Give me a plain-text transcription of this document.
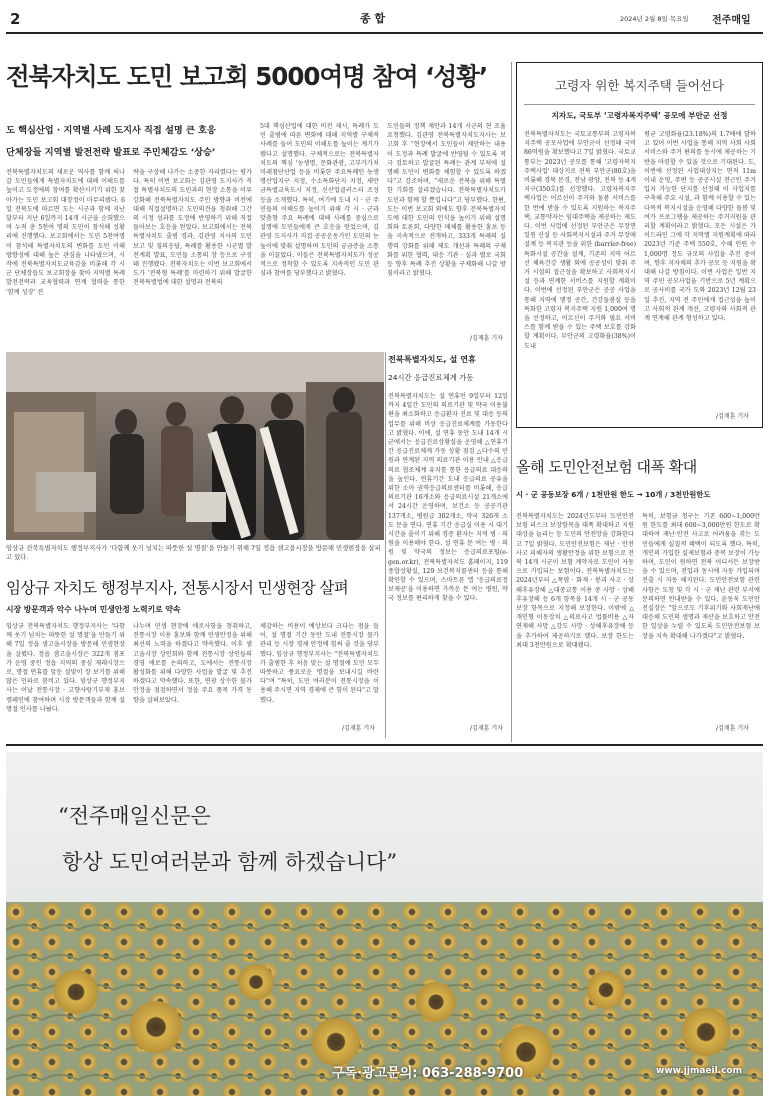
2	종 합	2024년 2월 8일 목요일 전주매일
전북자치도 도민 보고회 5000여명 참여 ‘성황’
도 핵심산업 · 지역별 사례 도지사 직접 설명 큰 호응
단체장들 지역별 발전전략 발표로 주민체감도 ‘상승’
전북특별자치도의 새로운 역사를 함께 써나갈 도민들에게 특별자치도에 대해 이해도를 높이고 도정에의 참여를 확산시키기 위한 찾아가는 도민 보고회 대장정이 마무리됐다. 6일 전북도에 따르면 도는 시군과 함께 지난달부터 지난 6일까지 14개 시군을 순회했으며 누적 총 5천여 명의 도민이 참석해 성황리에 진행했다. 보고회에서는 도민 5천여명이 참석해 특별자치도의 변화를 도민 이해 방향성에 대해 높은 관심을 나타냈으며, 시작에 전북특별자치도교육감을 비롯해 각 시군 단체장들도 보고회장을 찾아 지역별 특례 발전전략과 교육협력과 연계 협력을 통한 '함께 성장' 전
략을 구상해 나가는 소중한 자리였다는 평가다. 특히 이번 보고회는 김관영 도지사가 직접 특별자치도의 도민과의 현장 소통을 이루 강화해 전북특별자치도 주민 방향과 비전에 대해 직접설명하고 도민의견을 청취해 그간의 시정 성과를 도정에 반영하기 위해 직접 돌아보는 호응을 얻었다. 보고회에서는 전북특별자치도 출범 경과, 김관영 지사의 도민 보고 및 질의응답, 특례를 활용한 시군별 발전계획 발표, 도민들 소통의 장 등으로 구성돼 진행됐다. 전북자치도는 이번 보고회에서 도가 '전북형 특례'를 마련하기 위해 발굴한 전북특별법에 대한 설명과 전북의
5대 핵심산업에 대한 비전 제시, 특례가 도민 출범에 따른 변화에 대해 지역별 구체적 사례를 들어 도민의 이해도를 높이는 계기가 됐다고 설명했다. 구체적으로는 전북특별자치도의 핵심 '농생명, 문화관광, 고부가가치 미래첨단산업 등을 비롯한 주요특례인 농생명산업지구 지정, 수소특화단지 지정, 새만금특별교육도시 지정, 신산업클러스터 조성 등을 소개했다. 특히, 여기에 도내 시 · 군 주민들의 이해도를 높이기 위해 각 시 · 군과 맞춤형 주요 특례에 대해 사례를 중심으로 설명에 도민들에게 큰 호응을 얻었으며, 김관영 도지사가 직접 공공운동가인 도민의 눈높이에 맞춰 설명하며 도민의 궁금증을 소통을 이끌었다. 이들은 전북특별자치도가 성공적으로 정착할 수 있도록 지속적인 도민 관심과 참여를 당부했다고 밝혔다.
도민들의 정책 제안과 14개 시군의 현 조율 요청했다. 김관영 전북특별자치도지사는 보고회 후 “현장에서 도민들이 제안하는 내용이 도정과 특례 발굴에 반영될 수 있도록 적극 검토하고 발굴된 특례는 관계 부처에 설명해 도민이 변화를 체험할 수 있도록 하겠다”고 강조하며, “새로운 전북을 위해 특별한 기회를 살리겠습니다. 전북특별자치도가 도민과 함께 할 뿐입니다”고 당부했다. 한편, 도는 이번 보고회 외에도 향후 전북특별자치도에 대한 도민의 인식을 높이기 위해 설명회와 토론회, 다양한 매체를 활용한 홍보 등을 지속적으로 전개하고, 333개 특례의 실행력 강화를 위해 제도 개선과 특례의 구체화를 위한 협력, 대응 기관 · 실과 별로 국회 등 향후 특례 추진 상황을 구체화해 나갈 방침이라고 밝혔다.
/김재훈 기자
고령자 위한 복지주택 들어선다
지자도, 국토부 ‘고령자복지주택’ 공모에 부안군 선정
전북특별자치도는 국토교통부의 고령자복지주택 공모사업에 부안군이 선정돼 국비 86억원을 확보했다고 7일 밝혔다. 국토교통부는 2023년 공모를 통해 '고령자복지주택사업' 대상지로 전북 부안군(80호)을 비롯해 경북 문경, 전남 광양, 전북 등 4개 지구(350호)를 선정했다. 고령자복지주택사업은 어르신이 주거와 돌봄 서비스를 한 번에 받을 수 있도록 지원하는 복지주택, 교통약자는 임대주택을 제공하는 제도다. 이번 사업에 선정된 부안군은 무장면 일원 신설 등 사회복지시설과 주거 무장애 설계 등 복지관 등을 위한 (barrier-free) 특화시설 공간을 설계, 기존의 지역 어르신 체육건강 생활 외에 공공성이 맞춰 주거 시설의 접근성을 확보하고 사회복지시설 등과 연계한 서비스를 지원할 계획이다. 이번에 선정된 부안군은 공공 사업을 통해 지역에 행정 공간, 건강돌봄실 등을 특화한 고령자 복지주택 지원 1,000여 명을 선정하고, 어르신이 주거와 필요 서비스를 함께 받을 수 있는 주택 보호를 강화할 계획이다. 부안군의 고령화율(38%)이 도내
평균 고령화율(23.18%)의 1.7배에 달하고 있어 이번 사업을 통해 지역 사회 사회서비스와 주거 편의를 동시에 제공하는 기반을 마련할 수 있을 것으로 기대된다. 도, 이번에 선정된 사업대상지는 면적 11m 이내 운영, 주변 등 공공시설 전근인 주거입지 가능한 단지를 선정해 이 사업지를 구축해 주요 시설, 과 함께 이용할 수 있는 다목적 복지시설을 운영해 다양한 돌봄 및 여가 프로그램을 제공하는 주거지원을 관리할 계획이라고 밝혔다. 모든 시설은 가이드라인 그에 각 지역별 지원계획에 따라 2023년 기준 주택 550호, 수혜 인원 수 1,000명 정도 규모의 사업을 추진 중이며, 향후 지자체의 추가 공모 등 지원을 확대해 나갈 방침이다. 이번 사업은 일반 지역 주민 공모사업을 기반으로 5년 계획으로 공사비를 국가 도와 2023년 12월 23일 추진, 지역 전 주민에게 접근성을 높이고 사회적 관계 개선, 고령자와 사회적 관계 연계해 관계 형성하고 있다.
/김재훈 기자
임상규 전북특별자치도 행정부지사가 ‘다함께 웃기 넘치는 따뜻한 설 명절’을 만들기 위해 7일 정읍 샘고을시장을 방문해 민생현장을 살피고 있다.
임상규 자치도 행정부지사, 전통시장서 민생현장 살펴
시장 방문객과 악수 나누며 민생안정 노력키로 약속
임상규 전북특별자치도 행정부지사는 '다함께 웃기 넘치는 따뜻한 설 명절'을 만들기 위해 7일 정읍 샘고을시장을 방문해 민생현장을 살폈다. 정읍 샘고을시장은 322개 점포가 운영 중인 정읍 지역의 중심 재래시장으로, 명절 연휴를 앞둔 설맞이 장 보기를 위해 많은 인파로 붐비고 있다. 임상규 행정부지사는 이날 전통시장 · 고향사랑기부제 홍보 캠페인에 참여하며 시장 방문객들과 함께 설 명절 인사를 나눴다.
나누며 민생 현장에 애로사항을 청취하고, 전통시장 이용 홍보와 함께 민생안정을 위해 최선의 노력을 하겠다고 약속했다. 이후 샘고을시장 상인회와 함께 전통시장 상인들의 경영 애로를 논의하고, 도에서는 전통시장 활성화를 위해 다양한 사업을 발굴 및 추진하겠다고 약속했다. 또한, 면광 상수한 물가 안정을 점검하면서 정읍 주요 품목 가격 동향을 살펴보았다.
체감하는 비용이 예상보다 크다는 점을 들어, 설 명절 기간 동안 도내 전통시장 물가 관리 등 시장 경제 안정에 힘써 줄 것을 당부했다. 임상규 행정부지사는 "전북특별자치도가 출범한 후 처음 맞는 설 명절에 도민 모두 따뜻하고 풍요로운 명절을 보내시길 바란다"며 "특히, 도민 여러분이 전통시장을 이용해 주시면 지역 경제에 큰 힘이 된다"고 말했다.
/김재훈 기자
전북특별자치도, 설 연휴
24시간 응급진료체계 가동
전북특별자치도는 설 연휴인 9일부터 12일까지 4일간 도민의 의료기관 및 약국 이용불편을 최소화하고 응급환자 진료 및 대응 등의 업무를 위해 비상 응급진료체계를 가동한다고 밝혔다. 이에, 설 연휴 동안 도내 14개 시군에서는 응급진료상황실을 운영해 △연휴기간 응급진료체계 가동 상황 점검 △다수의 민원과 연계된 지역 의료기관 이용 안내 △응급의료 협조체계 유지를 통한 응급의료 대응력을 높인다. 연휴기간 도내 응급의료 공유을 위한 소아 권역응급의료센터를 비롯해, 응급의료기관 16개소와 응급의료시설 21개소에서 24시간 운영하며, 보건소 등 공공기관 137개소, 병원급 302개소, 약국 326개 소도 문을 연다. 연휴 기간 응급실 이용 시 대기 시간을 줄이기 위해 경증 환자는 지역 병 · 의원을 이용해야 한다. 설 연휴 문 여는 병 · 의원 및 약국의 정보는 응급의료포털(e-gen.or.kr), 전북특별자치도 홈페이지, 119 종합상황실, 129 보건복지콜센터 등을 통해 확인할 수 있으며, 스마트폰 앱 '응급의료정보제공'을 이용하면 가까운 문 여는 병원, 약국 정보를 편리하게 찾을 수 있다.
/김재훈 기자
올해 도민안전보험 대폭 확대
시 · 군 공동보장 6개 / 1천만원 한도 → 10개 / 3천만원한도
전북특별자치도는 2024년도부터 도민안전보험 리스크 보장항목을 대폭 확대하고 지원 대상을 늘리는 등 도민의 안전망을 강화한다고 7일 밝혔다. 도민안전보험은 재난 · 안전사고 피해자의 생활안정을 위한 보험으로 전북 14개 시군이 보험 계약자로 도민이 자동으로 가입되는 보험이다. 전북특별자치도는 2024년부터 △폭염 · 화재 · 붕괴 사고 · 상해후유장해 △대중교통 이용 중 사망 · 상해후유장해 등 6개 항목을 14개 시 · 군 공동보장 항목으로 지정해 보장한다. 이밖에 △개인형 이동장치 △의료사고 법률비용 △자연재해 사망 △강도 사망 · 상해후유장해 등을 추가하여 제공하기로 했다. 보장 한도는 최대 3천만원으로 확대됐다.
특히, 보험금 청구는 기존 600~1,000만 원 한도를 최대 600~3,000만원 한도로 확대하여 재난·안전 사고로 어려움을 겪는 도민들에게 실질적 혜택이 되도록 했다. 특히, 개인의 가입한 실제보험과 중복 보장이 가능하며, 도민이 원하면 전북 어디서든 보장받을 수 있으며, 전입과 동시에 자동 가입되며 전출 시 자동 해지된다. 도민안전보험 관련 사항은 도청 및 각 시 · 군 재난 관련 부서에 문의하면 안내받을 수 있다. 윤동욱 도민안전실장은 "앞으로도 기후위기와 사회재난에 대응해 도민의 생명과 재산을 보호하고 안전한 일상을 누릴 수 있도록 도민안전보험 보장을 지속 확대해 나가겠다"고 밝혔다.
/김재훈 기자
“전주매일신문은
항상 도민여러분과 함께 하겠습니다”
구독·광고문의: 063-288-9700	www.jjmaeil.com
